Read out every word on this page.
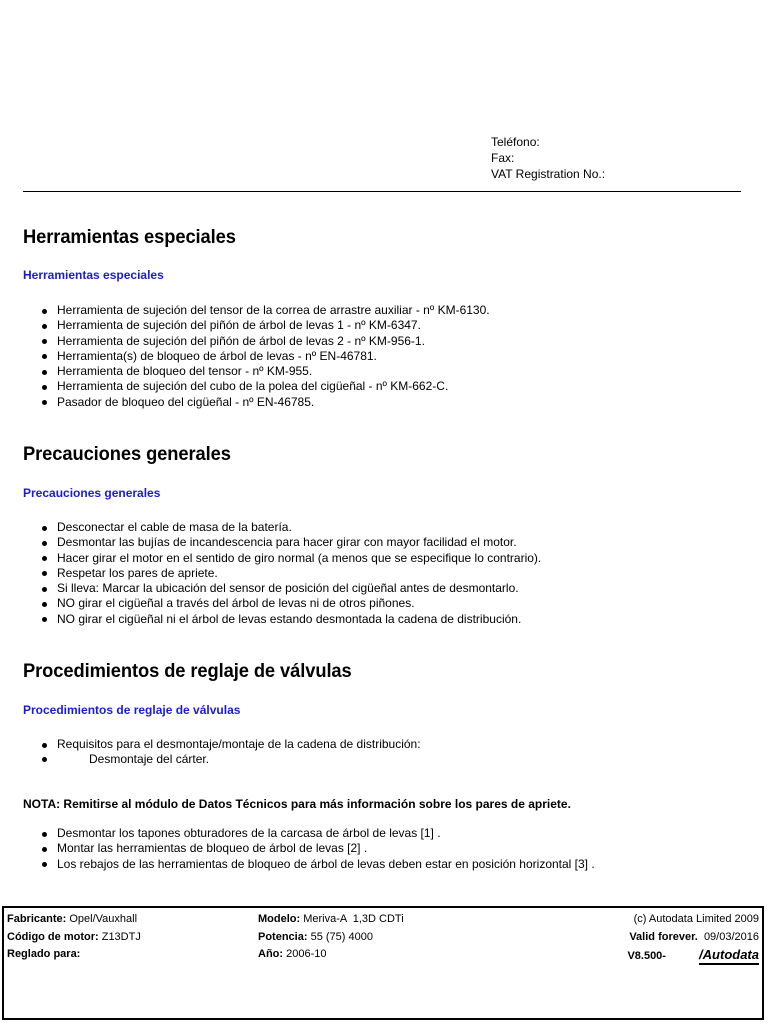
Teléfono:
Fax:
VAT Registration No.:
Herramientas especiales
Herramientas especiales
Herramienta de sujeción del tensor de la correa de arrastre auxiliar - nº KM-6130.
Herramienta de sujeción del piñón de árbol de levas 1 - nº KM-6347.
Herramienta de sujeción del piñón de árbol de levas 2 - nº KM-956-1.
Herramienta(s) de bloqueo de árbol de levas - nº EN-46781.
Herramienta de bloqueo del tensor - nº KM-955.
Herramienta de sujeción del cubo de la polea del cigüeñal - nº KM-662-C.
Pasador de bloqueo del cigüeñal - nº EN-46785.
Precauciones generales
Precauciones generales
Desconectar el cable de masa de la batería.
Desmontar las bujías de incandescencia para hacer girar con mayor facilidad el motor.
Hacer girar el motor en el sentido de giro normal (a menos que se especifique lo contrario).
Respetar los pares de apriete.
Si lleva: Marcar la ubicación del sensor de posición del cigüeñal antes de desmontarlo.
NO girar el cigüeñal a través del árbol de levas ni de otros piñones.
NO girar el cigüeñal ni el árbol de levas estando desmontada la cadena de distribución.
Procedimientos de reglaje de válvulas
Procedimientos de reglaje de válvulas
Requisitos para el desmontaje/montaje de la cadena de distribución:
Desmontaje del cárter.
NOTA: Remitirse al módulo de Datos Técnicos para más información sobre los pares de apriete.
Desmontar los tapones obturadores de la carcasa de árbol de levas [1] .
Montar las herramientas de bloqueo de árbol de levas [2] .
Los rebajos de las herramientas de bloqueo de árbol de levas deben estar en posición horizontal [3] .
Fabricante: Opel/Vauxhall
Código de motor: Z13DTJ
Reglado para:
Modelo: Meriva-A  1,3D CDTi
Potencia: 55 (75) 4000
Año: 2006-10
(c) Autodata Limited 2009
Valid forever. 09/03/2016
V8.500-	/Autodata
